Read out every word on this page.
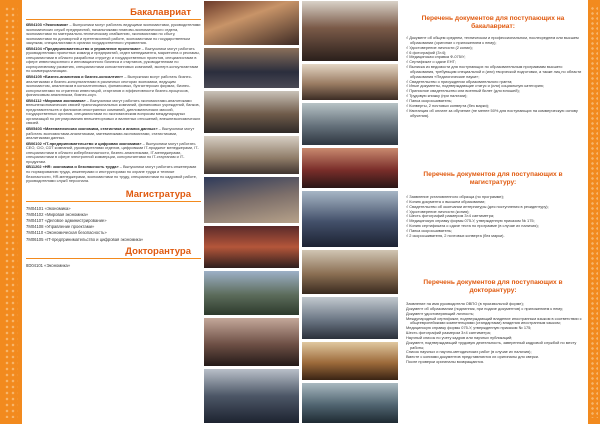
Бакалавриат

6В04103 «Экономика» – Выпускники могут работать ведущими экономистами, руководителями экономических служб предприятий, начальниками планово-экономического отдела, экономистами по материально-техническому снабжению, экономистами по сбыту, экономистами по договорной и претензионной работе, экономистами по государственным закупкам, специалистами в органах государственного управления.

6В04104 «Предпринимательство и управление проектами» – Выпускники могут работать руководителями проектных команд и предприятий, отдел менеджмента, маркетинга и рекламы, специалистами в области разработки структур и государственных проектов, специалистами в сфере инвестиционного и инновационного бизнеса и стартапов, руководителями по корпоративному развитию, специалистами консалтинговых компаний, эксперт-консультантами по коммерциализации.

6В04105 «Бизнес-аналитика и бизнес-консалтинг» – Выпускники могут работать бизнес-аналитиками и бизнес-консультантами в различных секторах экономики, ведущим экономистом, аналитиком в консалтинговых, финансовых, бухгалтерских фирмах, бизнес-консультантами по стратегии инвестиций, стартапов и эффективности бизнес-процессов, финансовым аналитиком, бизнес-коуч.

6В04112 «Мировая экономика» – Выпускники могут работать экономистами-аналитиками внешнеэкономических связей транснациональных компаний, финансовых учреждений, банков, представительств и филиалов иностранных компаний, дипломатических миссий, государственных органов, специалистами по экономическим вопросам международных организаций по регулированию внешнеторговых и валютных отношений, внешнеэкономических связей.

6В05403 «Математическая экономика, статистика и анализ данных» – Выпускники могут работать экономистами-аналитиками, математиками-экономистами, статистиками, аналитиками данных.

6В06102 «IT-предпринимательство и цифровая экономика» – Выпускники могут работать CEO, CIO, CDT компаний, руководителями отделов, цифровыми IT-проджект менеджерами, IT-специалистами в области кибербезопасности, бизнес-аналитиками, IT-менеджерами, специалистами в сфере электронной коммерции, консультантами по IT-стартапам и IT-продуктам.

6В11202 «HR: экономика и безопасность труда» – Выпускники могут работать инженерами по нормированию труда, инженерами и инструкторами по охране труда и технике безопасности, HR-менеджерами, экономистами по труду, специалистами по кадровой работе, руководителями служб персонала.

Магистратура
7М04101 «Экономика»
7М04102 «Мировая экономика»
7М04107 «Деловое администрирование»
7М04108 «Управление проектами»
7М04110 «Экономическая безопасность»
7М06105 «IT-предпринимательство и цифровая экономика»
Докторантура
8D04101 «Экономика»
Перечень документов для поступающих на бакалавриат:
√ Документ об общем среднем, техническом и профессиональном, послесреднем или высшем образовании (оригинал с приложением к нему);
√ Удостоверение личности (2 копии);
√ 6 фотографий (3×4);
√ Медицинская справка Ф-075/У;
√ Сертификат о сдаче ЕНТ;
√ Выписка из ведомости для поступающих по образовательным программам высшего образования, требующим специальной и (или) творческой подготовки, а также лиц по области образования «Педагогические науки»;
√ Свидетельство о присуждении образовательного гранта;
√ Иные документы, подтверждающие статус и (или) социальную категорию;
√ Приписное свидетельство или военный билет (для юношей);
√ Трудовую книжку (при наличии);
√ Папка скоросшиватель;
√ Конверты, 2 почтовых конверта (без марки);
√ Квитанция об оплате за обучение (не менее 50% для поступающих на коммерческую основу обучения).
Перечень документов для поступающих в магистратуру:
√ Заявление установленного образца (по программе);
√ Копию документа о высшем образовании;
√ Свидетельство об окончании интернатуры (для поступления в резидентуру);
√ Удостоверение личности (копия);
√ Шесть фотографий размером 3×4 сантиметра;
√ Медицинскую справку формы 075-У, утвержденную приказом № 175;
√ Копию сертификата о сдаче теста по программе (в случае их наличия);
√ Папка скоросшиватель;
√ 2 скоросшивателя, 2 почтовых конверта (без марки).
Перечень документов для поступающих в докторантуру:
Заявление на имя руководителя ОВПО (в произвольной форме);
Документ об образовании (подлинник, при подаче документов) с приложением к нему;
Документ удостоверяющий личность;
Международный сертификат, подтверждающий владение иностранным языком в соответствии с общеевропейскими компетенциями (стандартами) владения иностранным языком;
Медицинскую справку формы 075-У, утвержденную приказом № 175;
Шесть фотографий размером 3×4 сантиметра;
Научный список по учету кадров или научных публикаций;
Документ, подтверждающий трудовую деятельность, заверенный кадровой службой по месту работы;
Список научных и научно-методических работ (в случае их наличия);
Вместе с копиями документов представляются их оригиналы для сверки.
После проверки оригиналы возвращаются.
